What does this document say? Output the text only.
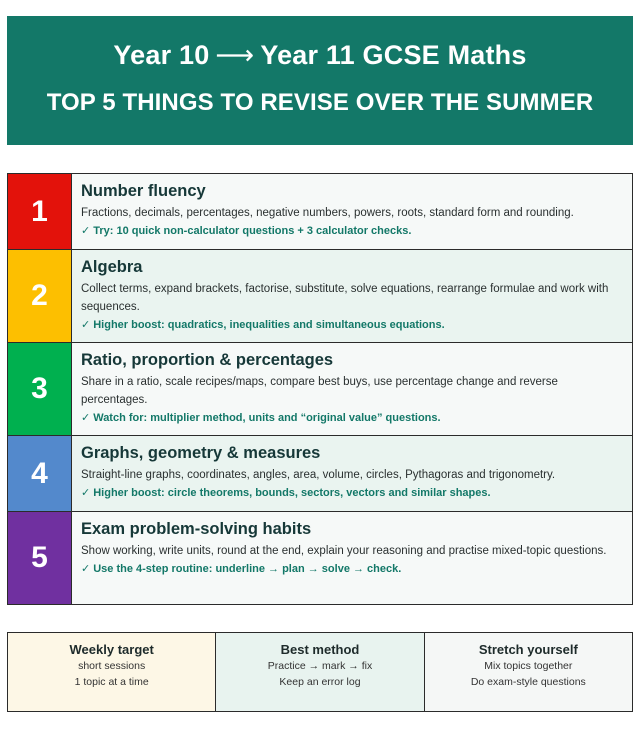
Year 10 ⟶ Year 11 GCSE Maths
TOP 5 THINGS TO REVISE OVER THE SUMMER
1
Number fluency
Fractions, decimals, percentages, negative numbers, powers, roots, standard form and rounding.
✓ Try: 10 quick non-calculator questions + 3 calculator checks.
2
Algebra
Collect terms, expand brackets, factorise, substitute, solve equations, rearrange formulae and work with sequences.
✓ Higher boost: quadratics, inequalities and simultaneous equations.
3
Ratio, proportion & percentages
Share in a ratio, scale recipes/maps, compare best buys, use percentage change and reverse percentages.
✓ Watch for: multiplier method, units and “original value” questions.
4
Graphs, geometry & measures
Straight-line graphs, coordinates, angles, area, volume, circles, Pythagoras and trigonometry.
✓ Higher boost: circle theorems, bounds, sectors, vectors and similar shapes.
5
Exam problem-solving habits
Show working, write units, round at the end, explain your reasoning and practise mixed-topic questions.
✓ Use the 4-step routine: underline → plan → solve → check.
Weekly target
short sessions
1 topic at a time
Best method
Practice → mark → fix
Keep an error log
Stretch yourself
Mix topics together
Do exam-style questions
